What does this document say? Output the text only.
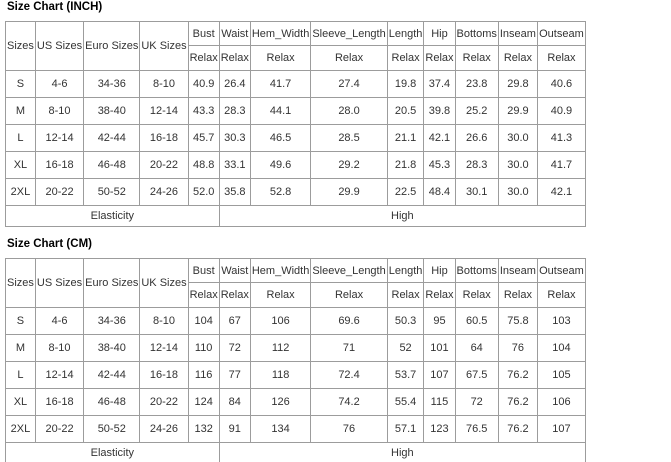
Size Chart (INCH)
Sizes	US Sizes	Euro Sizes	UK Sizes	Bust	Waist	Hem_Width	Sleeve_Length	Length	Hip	Bottoms	Inseam	Outseam
				Relax	Relax	Relax	Relax	Relax	Relax	Relax	Relax	Relax
S	4-6	34-36	8-10	40.9	26.4	41.7	27.4	19.8	37.4	23.8	29.8	40.6
M	8-10	38-40	12-14	43.3	28.3	44.1	28.0	20.5	39.8	25.2	29.9	40.9
L	12-14	42-44	16-18	45.7	30.3	46.5	28.5	21.1	42.1	26.6	30.0	41.3
XL	16-18	46-48	20-22	48.8	33.1	49.6	29.2	21.8	45.3	28.3	30.0	41.7
2XL	20-22	50-52	24-26	52.0	35.8	52.8	29.9	22.5	48.4	30.1	30.0	42.1
Elasticity					High							
Size Chart (CM)
Sizes	US Sizes	Euro Sizes	UK Sizes	Bust	Waist	Hem_Width	Sleeve_Length	Length	Hip	Bottoms	Inseam	Outseam
				Relax	Relax	Relax	Relax	Relax	Relax	Relax	Relax	Relax
S	4-6	34-36	8-10	104	67	106	69.6	50.3	95	60.5	75.8	103
M	8-10	38-40	12-14	110	72	112	71	52	101	64	76	104
L	12-14	42-44	16-18	116	77	118	72.4	53.7	107	67.5	76.2	105
XL	16-18	46-48	20-22	124	84	126	74.2	55.4	115	72	76.2	106
2XL	20-22	50-52	24-26	132	91	134	76	57.1	123	76.5	76.2	107
Elasticity					High							
